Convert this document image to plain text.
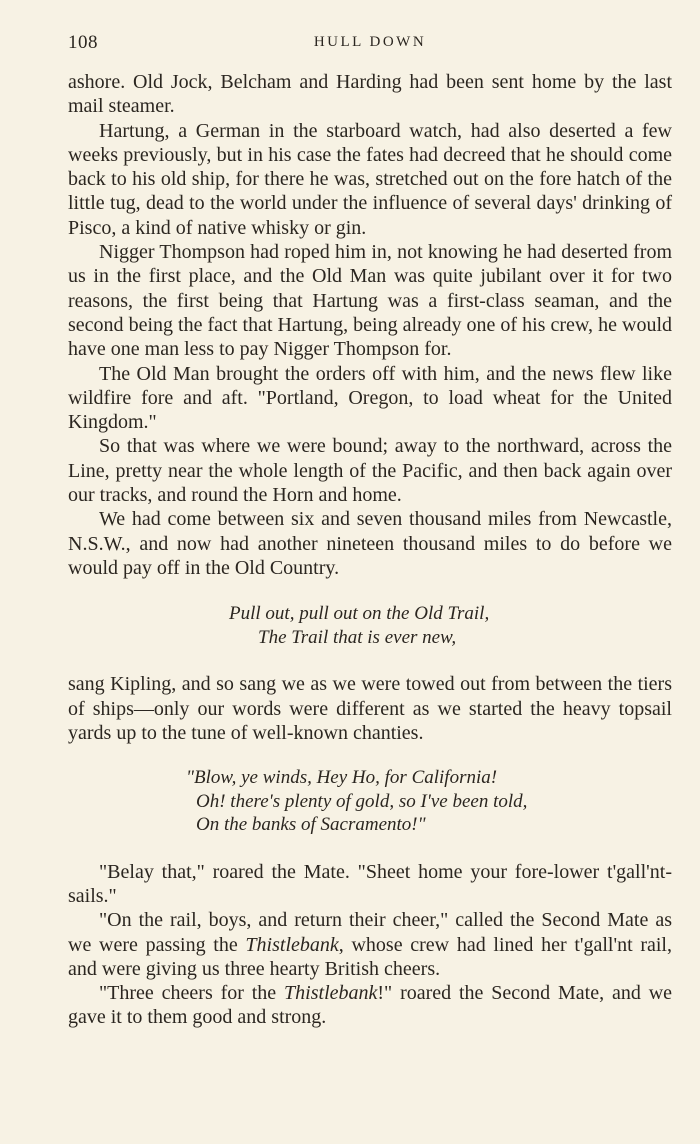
108	HULL DOWN

ashore. Old Jock, Belcham and Harding had been sent home by the last mail steamer.

Hartung, a German in the starboard watch, had also deserted a few weeks previously, but in his case the fates had decreed that he should come back to his old ship, for there he was, stretched out on the fore hatch of the little tug, dead to the world under the influence of several days' drinking of Pisco, a kind of native whisky or gin.

Nigger Thompson had roped him in, not knowing he had deserted from us in the first place, and the Old Man was quite jubilant over it for two reasons, the first being that Hartung was a first-class seaman, and the second being the fact that Hartung, being already one of his crew, he would have one man less to pay Nigger Thompson for.

The Old Man brought the orders off with him, and the news flew like wildfire fore and aft. "Portland, Oregon, to load wheat for the United Kingdom."

So that was where we were bound; away to the northward, across the Line, pretty near the whole length of the Pacific, and then back again over our tracks, and round the Horn and home.

We had come between six and seven thousand miles from Newcastle, N.S.W., and now had another nineteen thousand miles to do before we would pay off in the Old Country.

Pull out, pull out on the Old Trail,
The Trail that is ever new,

sang Kipling, and so sang we as we were towed out from between the tiers of ships—only our words were different as we started the heavy topsail yards up to the tune of well-known chanties.

"Blow, ye winds, Hey Ho, for California!
Oh! there's plenty of gold, so I've been told,
On the banks of Sacramento!"

"Belay that," roared the Mate. "Sheet home your fore-lower t'gall'nt-sails."

"On the rail, boys, and return their cheer," called the Second Mate as we were passing the Thistlebank, whose crew had lined her t'gall'nt rail, and were giving us three hearty British cheers.

"Three cheers for the Thistlebank!" roared the Second Mate, and we gave it to them good and strong.
